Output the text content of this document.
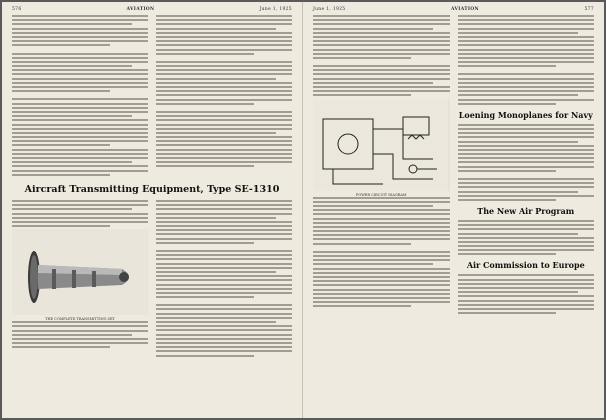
576	AVIATION	June 1, 1925
Aircraft Transmitting Equipment, Type SE-1310
THE COMPLETE TRANSMITTING SET
June 1, 1925	AVIATION	577
POWER CIRCUIT DIAGRAM
Loening Monoplanes for Navy
The New Air Program
Air Commission to Europe
